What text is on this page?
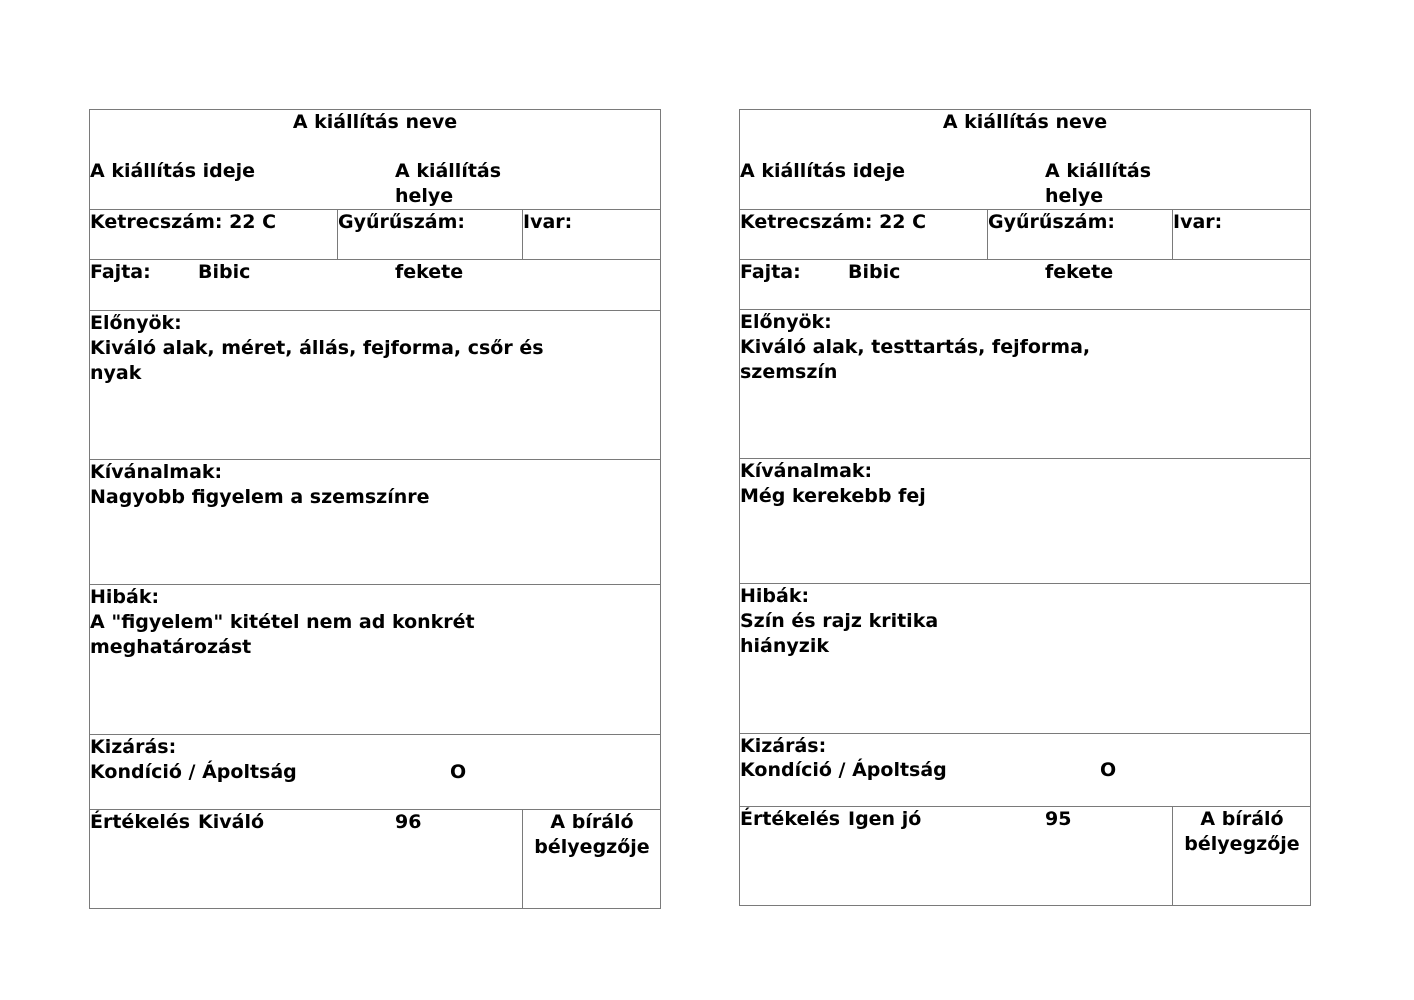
A kiállítás neve
A kiállítás ideje	A kiállítás helye
Ketrecszám: 22 C	Gyűrűszám:	Ivar:
Fajta: Bibic	fekete
Előnyök:
Kiváló alak, méret, állás, fejforma, csőr és nyak
Kívánalmak:
Nagyobb figyelem a szemszínre
Hibák:
A "figyelem" kitétel nem ad konkrét meghatározást
Kizárás:
Kondíció / Ápoltság	O
Értékelés Kiváló	96	A bíráló bélyegzője
A kiállítás neve
A kiállítás ideje	A kiállítás helye
Ketrecszám: 22 C	Gyűrűszám:	Ivar:
Fajta: Bibic	fekete
Előnyök:
Kiváló alak, testtartás, fejforma, szemszín
Kívánalmak:
Még kerekebb fej
Hibák:
Szín és rajz kritika hiányzik
Kizárás:
Kondíció / Ápoltság	O
Értékelés Igen jó	95	A bíráló bélyegzője
